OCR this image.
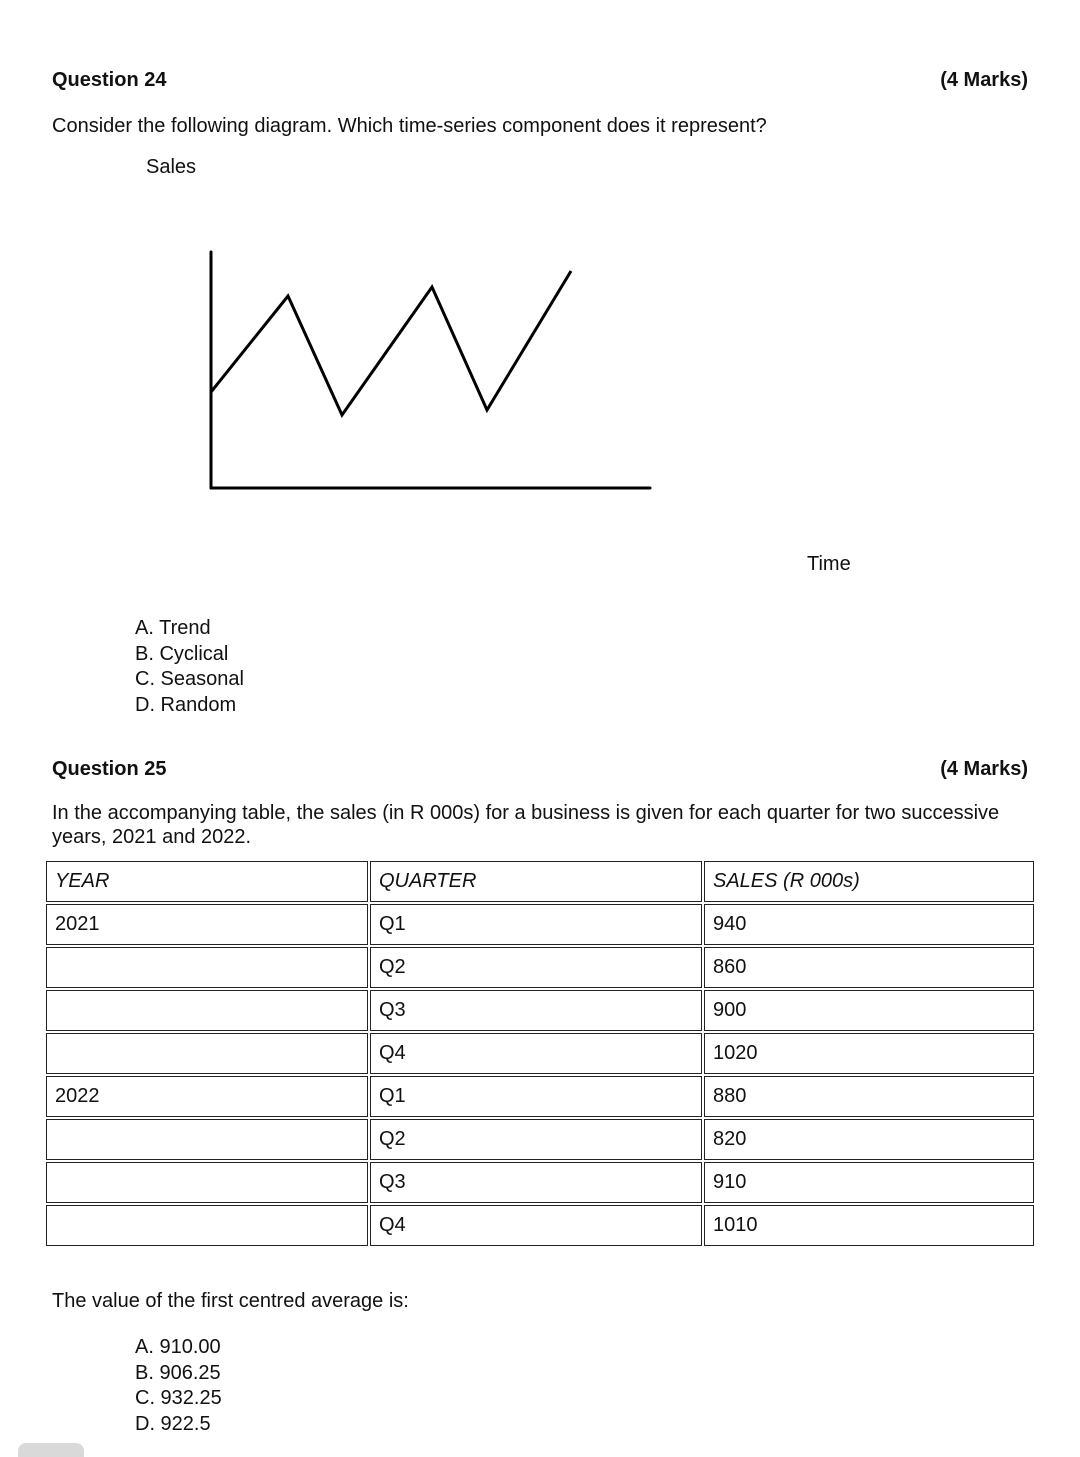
Question 24	(4 Marks)
Consider the following diagram. Which time-series component does it represent?
Sales
Time
A. Trend
B. Cyclical
C. Seasonal
D. Random
Question 25	(4 Marks)
In the accompanying table, the sales (in R 000s) for a business is given for each quarter for two successive
years, 2021 and 2022.
YEAR	QUARTER	SALES (R 000s)
2021	Q1	940
	Q2	860
	Q3	900
	Q4	1020
2022	Q1	880
	Q2	820
	Q3	910
	Q4	1010
The value of the first centred average is:
A. 910.00
B. 906.25
C. 932.25
D. 922.5
